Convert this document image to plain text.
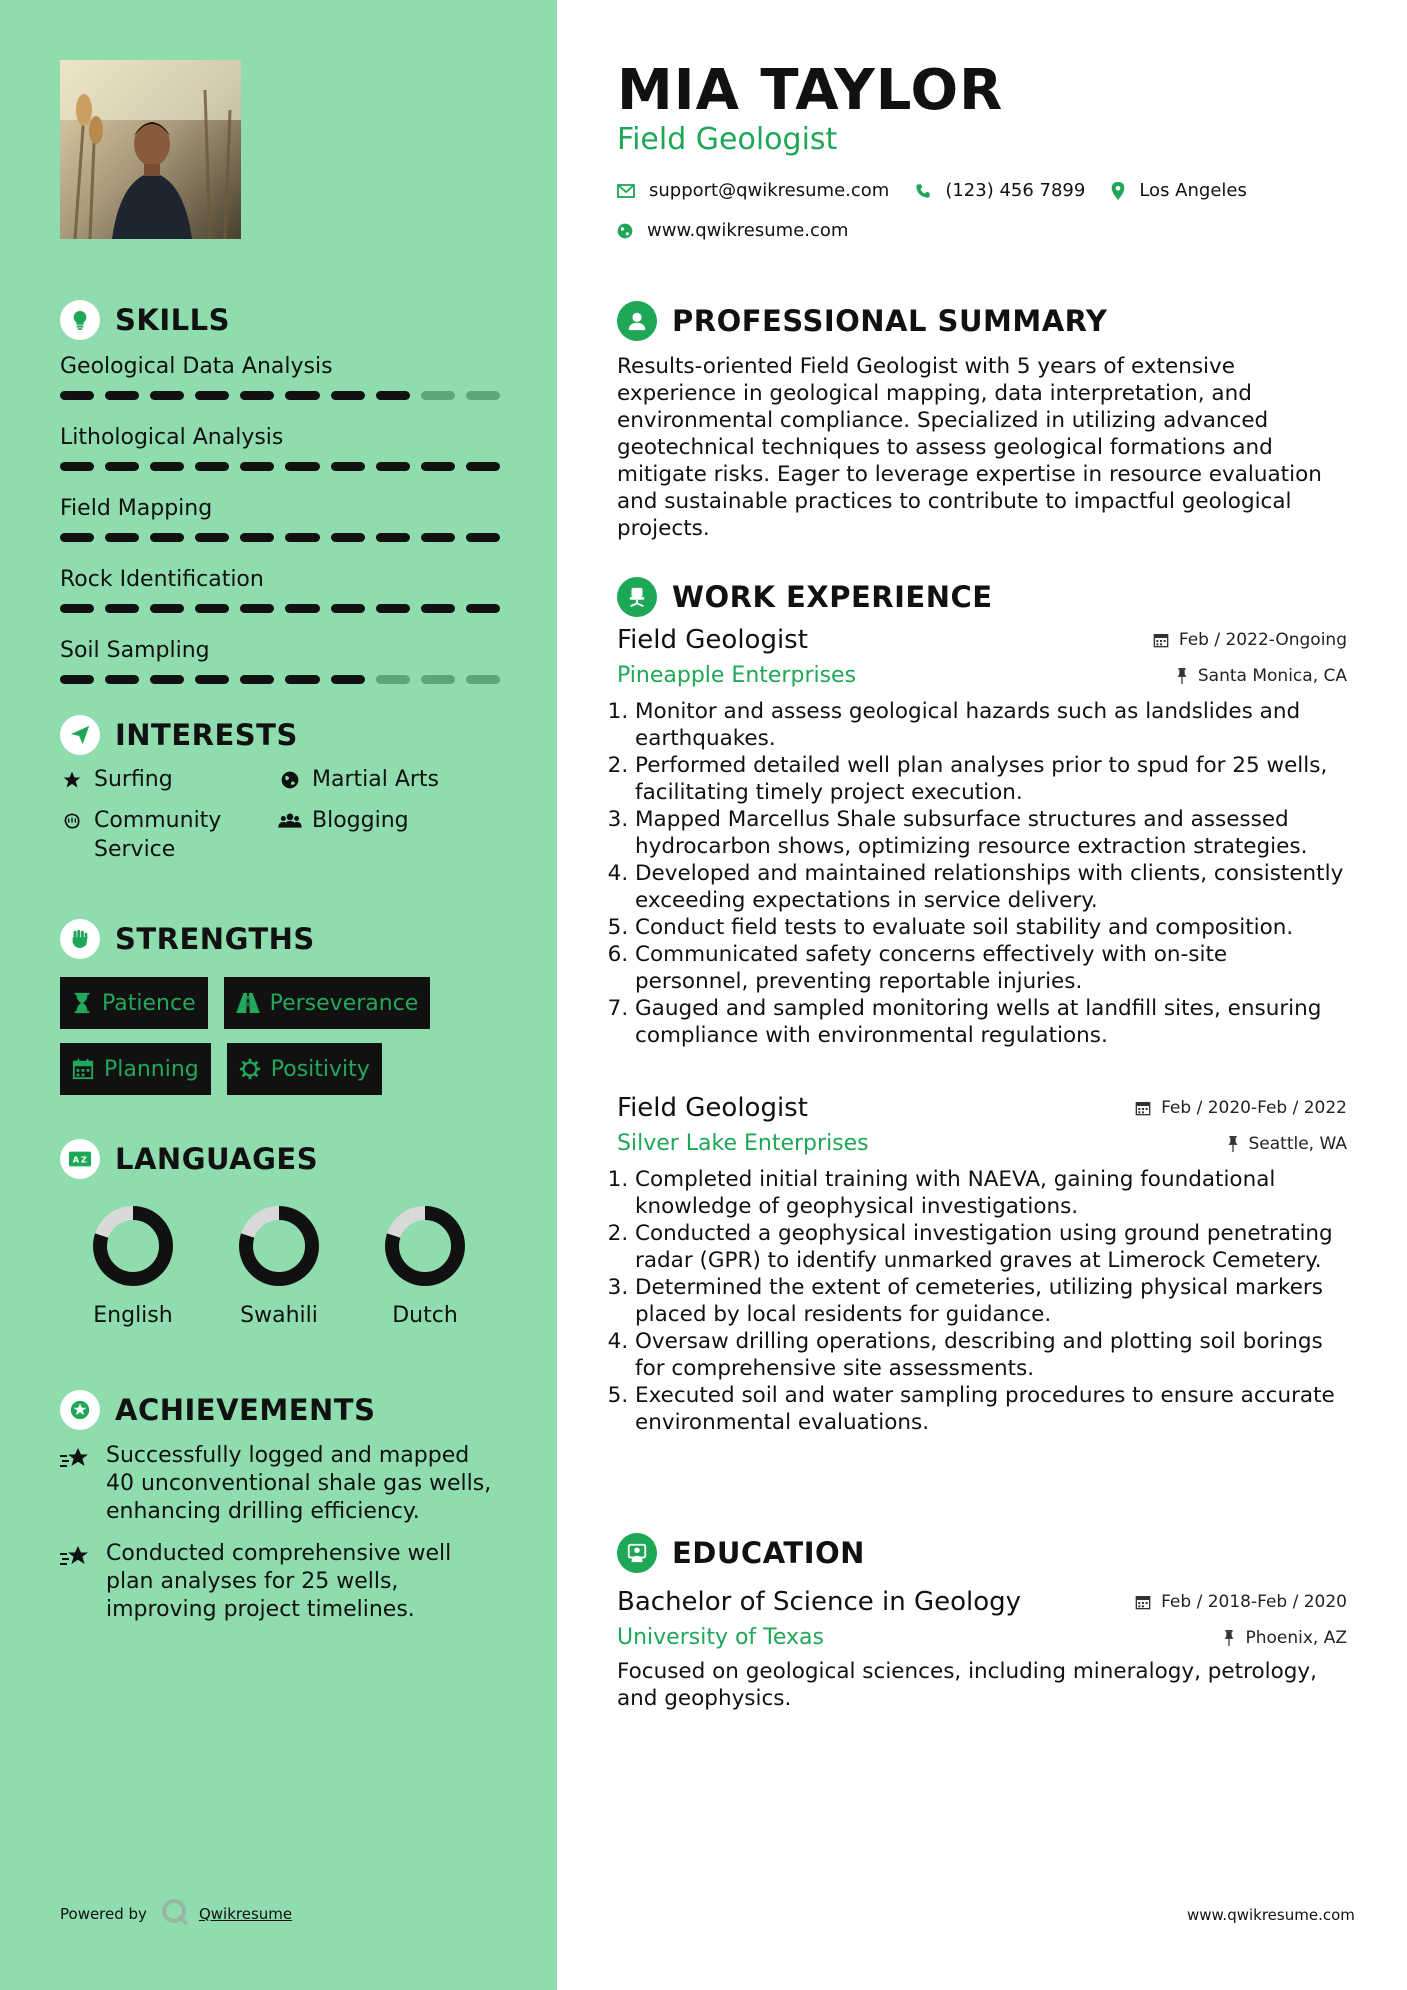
SKILLS
Geological Data Analysis
Lithological Analysis
Field Mapping
Rock Identification
Soil Sampling
INTERESTS
Surfing	Martial Arts
Community Service
Blogging
STRENGTHS
Patience	Perseverance
Planning	Positivity
A Z LANGUAGES
English	Swahili	Dutch
ACHIEVEMENTS
Successfully logged and mapped 40 unconventional shale gas wells, enhancing drilling efficiency.
Conducted comprehensive well plan analyses for 25 wells, improving project timelines.
Powered by	Qwikresume
MIA TAYLOR
Field Geologist
support@qwikresume.com	(123) 456 7899	Los Angeles
www.qwikresume.com
PROFESSIONAL SUMMARY
Results-oriented Field Geologist with 5 years of extensive experience in geological mapping, data interpretation, and environmental compliance. Specialized in utilizing advanced geotechnical techniques to assess geological formations and mitigate risks. Eager to leverage expertise in resource evaluation and sustainable practices to contribute to impactful geological projects.
WORK EXPERIENCE
Field Geologist	Feb / 2022-Ongoing
Pineapple Enterprises	Santa Monica, CA
1. Monitor and assess geological hazards such as landslides and earthquakes.
2. Performed detailed well plan analyses prior to spud for 25 wells, facilitating timely project execution.
3. Mapped Marcellus Shale subsurface structures and assessed hydrocarbon shows, optimizing resource extraction strategies.
4. Developed and maintained relationships with clients, consistently exceeding expectations in service delivery.
5. Conduct field tests to evaluate soil stability and composition.
6. Communicated safety concerns effectively with on-site personnel, preventing reportable injuries.
7. Gauged and sampled monitoring wells at landfill sites, ensuring compliance with environmental regulations.
Field Geologist	Feb / 2020-Feb / 2022
Silver Lake Enterprises	Seattle, WA
1. Completed initial training with NAEVA, gaining foundational knowledge of geophysical investigations.
2. Conducted a geophysical investigation using ground penetrating radar (GPR) to identify unmarked graves at Limerock Cemetery.
3. Determined the extent of cemeteries, utilizing physical markers placed by local residents for guidance.
4. Oversaw drilling operations, describing and plotting soil borings for comprehensive site assessments.
5. Executed soil and water sampling procedures to ensure accurate environmental evaluations.
EDUCATION
Bachelor of Science in Geology	Feb / 2018-Feb / 2020
University of Texas	Phoenix, AZ
Focused on geological sciences, including mineralogy, petrology, and geophysics.
www.qwikresume.com
